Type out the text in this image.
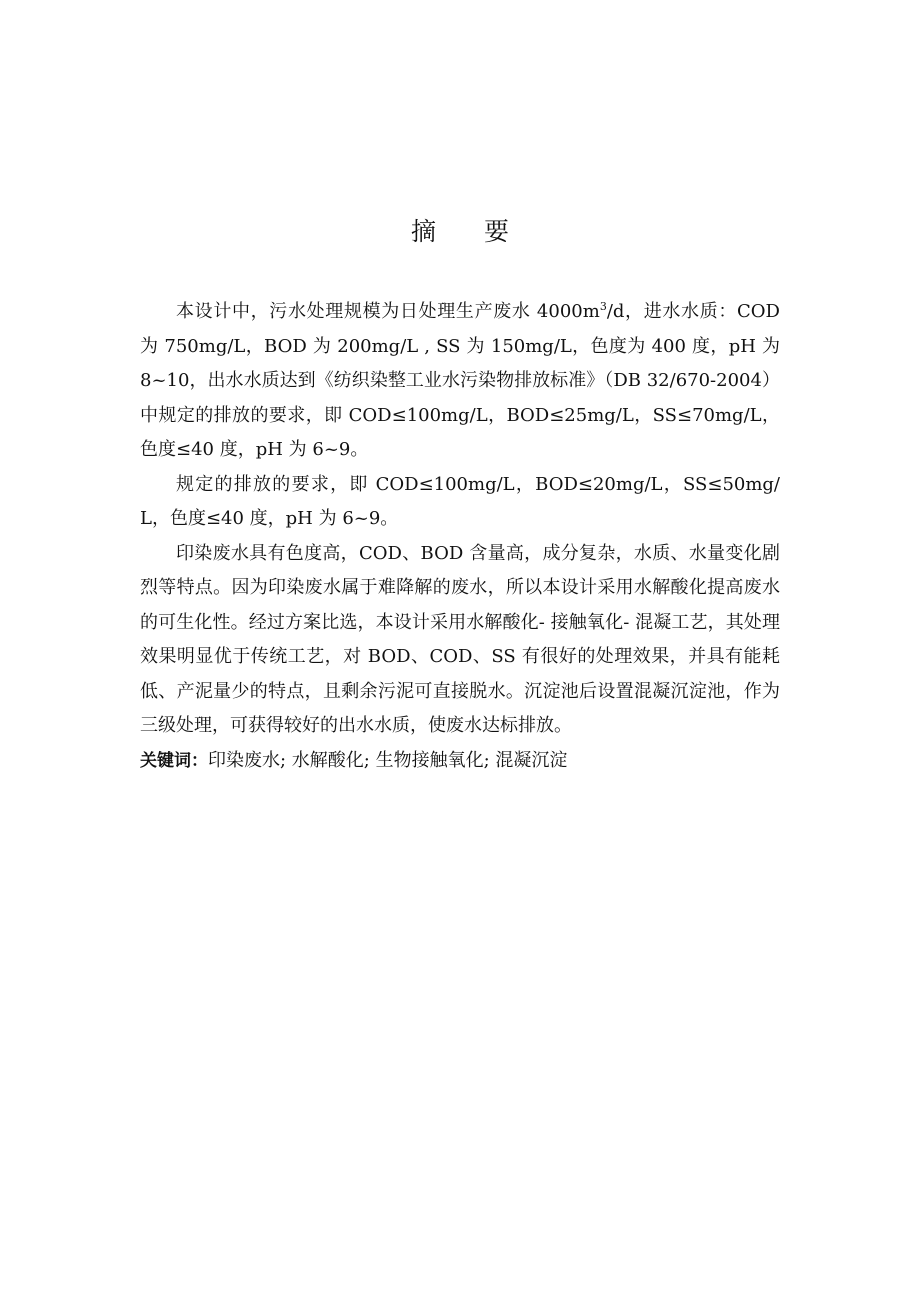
摘 要

本设计中，污水处理规模为日处理生产废水 $4000m^3/d$，进水水质：COD 为 750mg/L，BOD 为 200mg/L , SS 为 150mg/L，色度为 400 度，pH 为 8~10，出水水质达到《纺织染整工业水污染物排放标准》（DB 32/670-2004）中规定的排放的要求，即 COD≤100mg/L，BOD≤25mg/L，SS≤70mg/L，色度≤40 度，pH 为 6~9。

规定的排放的要求，即 COD≤100mg/L，BOD≤20mg/L，SS≤50mg/L，色度≤40 度，pH 为 6~9。

印染废水具有色度高，COD、BOD 含量高，成分复杂，水质、水量变化剧烈等特点。因为印染废水属于难降解的废水，所以本设计采用水解酸化提高废水的可生化性。经过方案比选，本设计采用水解酸化- 接触氧化- 混凝工艺，其处理效果明显优于传统工艺，对 BOD、COD、SS 有很好的处理效果，并具有能耗低、产泥量少的特点，且剩余污泥可直接脱水。沉淀池后设置混凝沉淀池，作为三级处理，可获得较好的出水水质，使废水达标排放。

关键词：印染废水; 水解酸化; 生物接触氧化; 混凝沉淀
